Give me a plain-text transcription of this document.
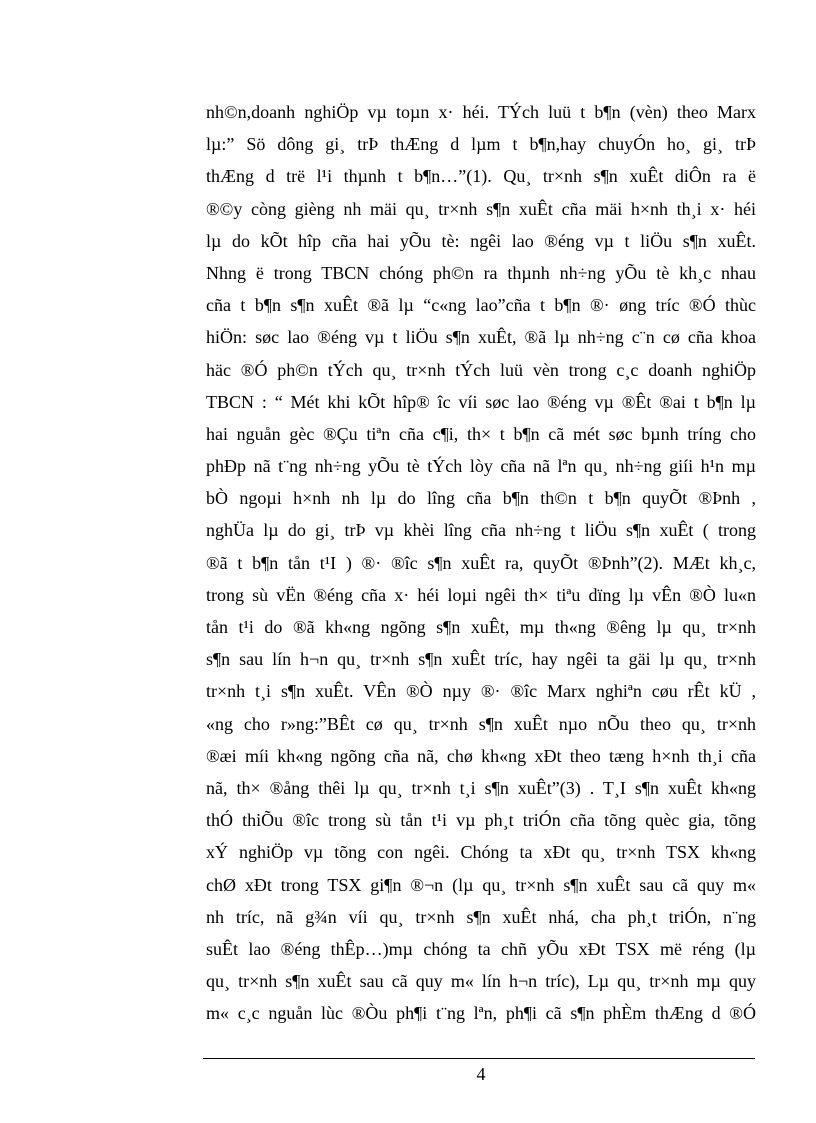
nh©n,doanh nghiÖp vµ toµn x· héi. TÝch luü t b¶n (vèn) theo Marx
lµ:” Sö dông gi¸ trÞ thÆng d lµm t b¶n,hay chuyÓn ho¸ gi¸ trÞ
thÆng d trë l¹i thµnh t b¶n…”(1). Qu¸ tr×nh s¶n xuÊt diÔn ra ë
®©y còng gièng nh mäi qu¸ tr×nh s¶n xuÊt cña mäi h×nh th¸i x· héi
lµ do kÕt hîp cña hai yÕu tè: ngêi lao ®éng vµ t liÖu s¶n xuÊt.
Nhng ë trong TBCN chóng ph©n ra thµnh nh÷ng yÕu tè kh¸c nhau
cña t b¶n s¶n xuÊt ®ã lµ “c«ng lao”cña t b¶n ®· øng tríc ®Ó thùc
hiÖn: søc lao ®éng vµ t liÖu s¶n xuÊt, ®ã lµ nh÷ng c¨n cø cña khoa
häc ®Ó ph©n tÝch qu¸ tr×nh tÝch luü vèn trong c¸c doanh nghiÖp
TBCN : “ Mét khi kÕt hîp® îc víi søc lao ®éng vµ ®Êt ®ai t b¶n lµ
hai nguån gèc ®Çu tiªn cña c¶i, th× t b¶n cã mét søc bµnh tríng cho
phÐp nã t¨ng nh÷ng yÕu tè tÝch lòy cña nã lªn qu¸ nh÷ng giíi h¹n mµ
bÒ ngoµi h×nh nh lµ do lîng cña b¶n th©n t b¶n quyÕt ®Þnh ,
nghÜa lµ do gi¸ trÞ vµ khèi lîng cña nh÷ng t liÖu s¶n xuÊt ( trong
®ã t b¶n tån t¹I ) ®· ®îc s¶n xuÊt ra, quyÕt ®Þnh”(2). MÆt kh¸c,
trong sù vËn ®éng cña x· héi loµi ngêi th× tiªu dïng lµ vÊn ®Ò lu«n
tån t¹i do ®ã kh«ng ngõng s¶n xuÊt, mµ th«ng ®êng lµ qu¸ tr×nh
s¶n sau lín h¬n qu¸ tr×nh s¶n xuÊt tríc, hay ngêi ta gäi lµ qu¸ tr×nh
tr×nh t¸i s¶n xuÊt. VÊn ®Ò nµy ®· ®îc Marx nghiªn cøu rÊt kÜ ,
«ng cho r»ng:”BÊt cø qu¸ tr×nh s¶n xuÊt nµo nÕu theo qu¸ tr×nh
®æi míi kh«ng ngõng cña nã, chø kh«ng xÐt theo tæng h×nh th¸i cña
nã, th× ®ång thêi lµ qu¸ tr×nh t¸i s¶n xuÊt”(3) . T¸I s¶n xuÊt kh«ng
thÓ thiÕu ®îc trong sù tån t¹i vµ ph¸t triÓn cña tõng quèc gia, tõng
xÝ nghiÖp vµ tõng con ngêi. Chóng ta xÐt qu¸ tr×nh TSX kh«ng
chØ xÐt trong TSX gi¶n ®¬n (lµ qu¸ tr×nh s¶n xuÊt sau cã quy m«
nh tríc, nã g¾n víi qu¸ tr×nh s¶n xuÊt nhá, cha ph¸t triÓn, n¨ng
suÊt lao ®éng thÊp…)mµ chóng ta chñ yÕu xÐt TSX më réng (lµ
qu¸ tr×nh s¶n xuÊt sau cã quy m« lín h¬n tríc), Lµ qu¸ tr×nh mµ quy
m« c¸c nguån lùc ®Òu ph¶i t¨ng lªn, ph¶i cã s¶n phÈm thÆng d ®Ó
4
